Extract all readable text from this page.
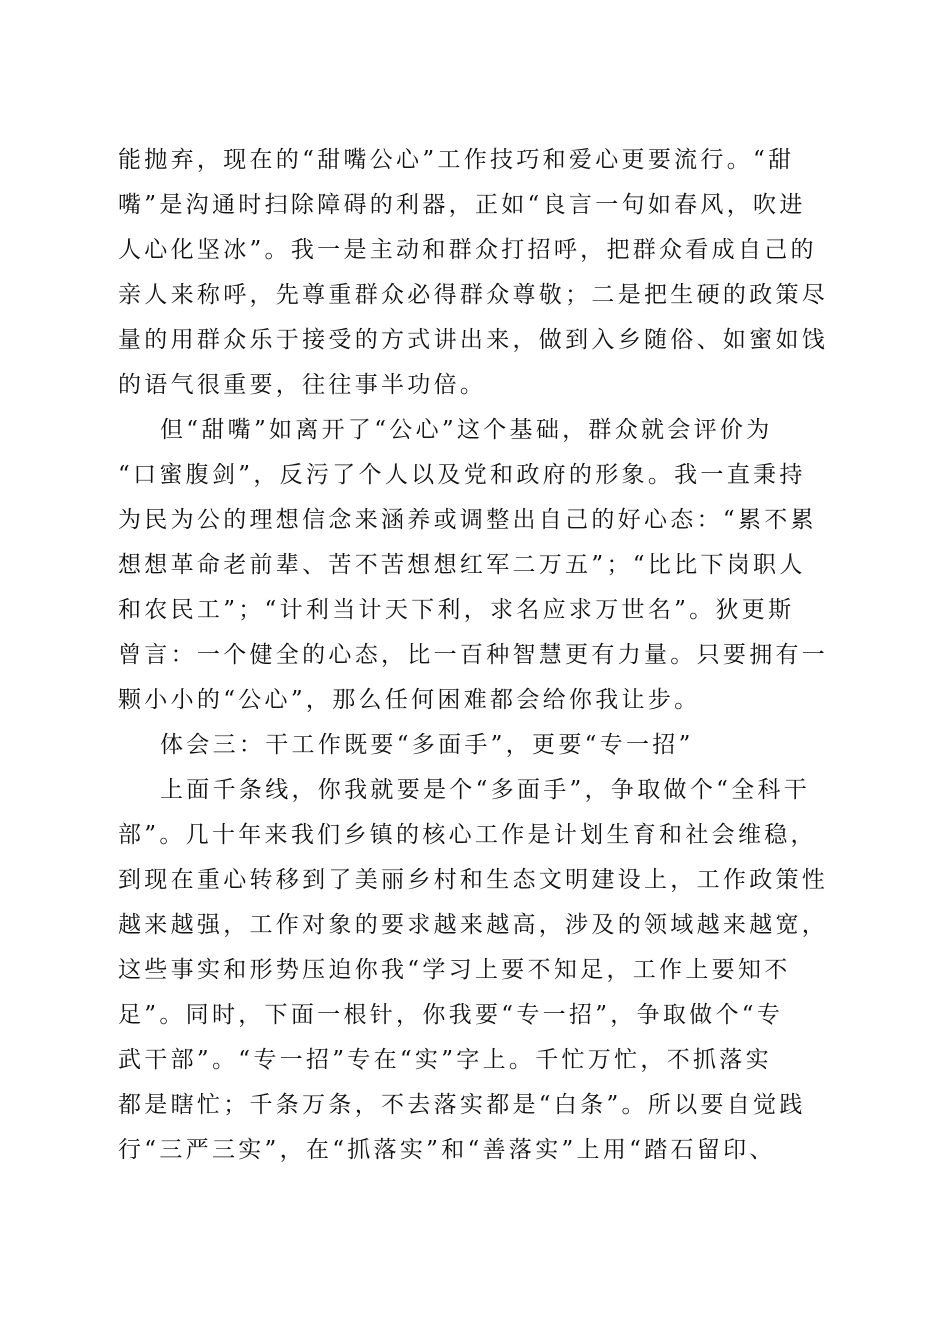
能抛弃，现在的“甜嘴公心”工作技巧和爱心更要流行。“甜
嘴”是沟通时扫除障碍的利器，正如“良言一句如春风，吹进
人心化坚冰”。我一是主动和群众打招呼，把群众看成自己的
亲人来称呼，先尊重群众必得群众尊敬；二是把生硬的政策尽
量的用群众乐于接受的方式讲出来，做到入乡随俗、如蜜如饯
的语气很重要，往往事半功倍。
但“甜嘴”如离开了“公心”这个基础，群众就会评价为
“口蜜腹剑”，反污了个人以及党和政府的形象。我一直秉持
为民为公的理想信念来涵养或调整出自己的好心态：“累不累
想想革命老前辈、苦不苦想想红军二万五”；“比比下岗职人
和农民工”；“计利当计天下利，求名应求万世名”。狄更斯
曾言：一个健全的心态，比一百种智慧更有力量。只要拥有一
颗小小的“公心”，那么任何困难都会给你我让步。
体会三：干工作既要“多面手”，更要“专一招”
上面千条线，你我就要是个“多面手”，争取做个“全科干
部”。几十年来我们乡镇的核心工作是计划生育和社会维稳，
到现在重心转移到了美丽乡村和生态文明建设上，工作政策性
越来越强，工作对象的要求越来越高，涉及的领域越来越宽，
这些事实和形势压迫你我“学习上要不知足，工作上要知不
足”。同时，下面一根针，你我要“专一招”，争取做个“专
武干部”。“专一招”专在“实”字上。千忙万忙，不抓落实
都是瞎忙；千条万条，不去落实都是“白条”。所以要自觉践
行“三严三实”，在“抓落实”和“善落实”上用“踏石留印、
